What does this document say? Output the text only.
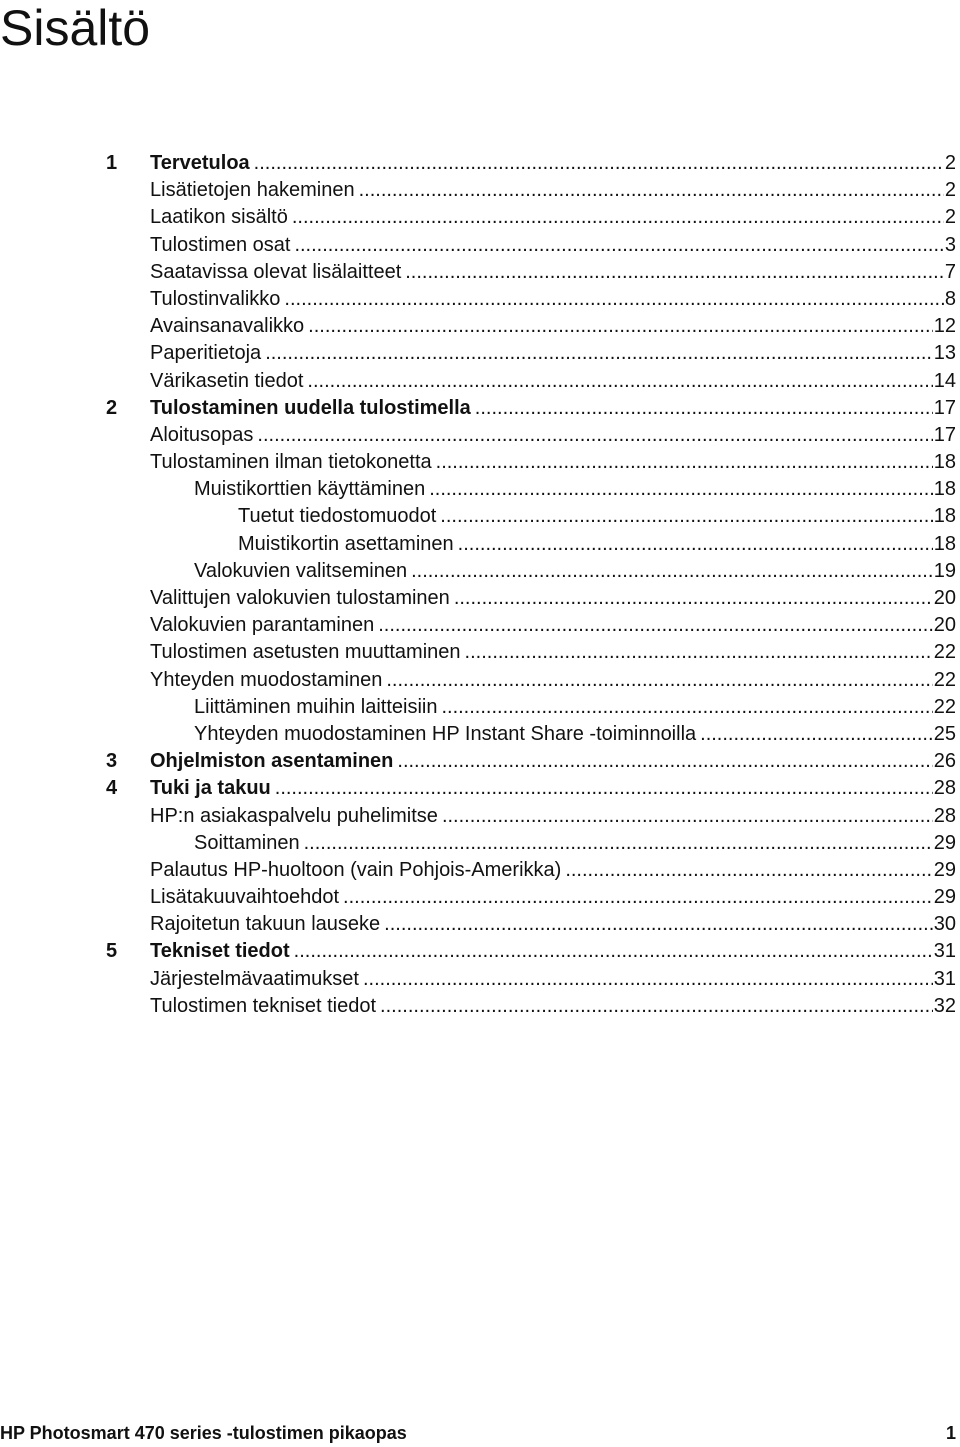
Sisältö
1 Tervetuloa .....	2
Lisätietojen hakeminen .....	2
Laatikon sisältö .....	2
Tulostimen osat .....	3
Saatavissa olevat lisälaitteet .....	7
Tulostinvalikko .....	8
Avainsanavalikko .....	12
Paperitietoja .....	13
Värikasetin tiedot .....	14
2 Tulostaminen uudella tulostimella .....	17
Aloitusopas .....	17
Tulostaminen ilman tietokonetta .....	18
Muistikorttien käyttäminen .....	18
Tuetut tiedostomuodot .....	18
Muistikortin asettaminen .....	18
Valokuvien valitseminen .....	19
Valittujen valokuvien tulostaminen .....	20
Valokuvien parantaminen .....	20
Tulostimen asetusten muuttaminen .....	22
Yhteyden muodostaminen .....	22
Liittäminen muihin laitteisiin .....	22
Yhteyden muodostaminen HP Instant Share -toiminnoilla .....	25
3 Ohjelmiston asentaminen .....	26
4 Tuki ja takuu .....	28
HP:n asiakaspalvelu puhelimitse .....	28
Soittaminen .....	29
Palautus HP-huoltoon (vain Pohjois-Amerikka) .....	29
Lisätakuuvaihtoehdot .....	29
Rajoitetun takuun lauseke .....	30
5 Tekniset tiedot .....	31
Järjestelmävaatimukset .....	31
Tulostimen tekniset tiedot .....	32
HP Photosmart 470 series -tulostimen pikaopas	1
